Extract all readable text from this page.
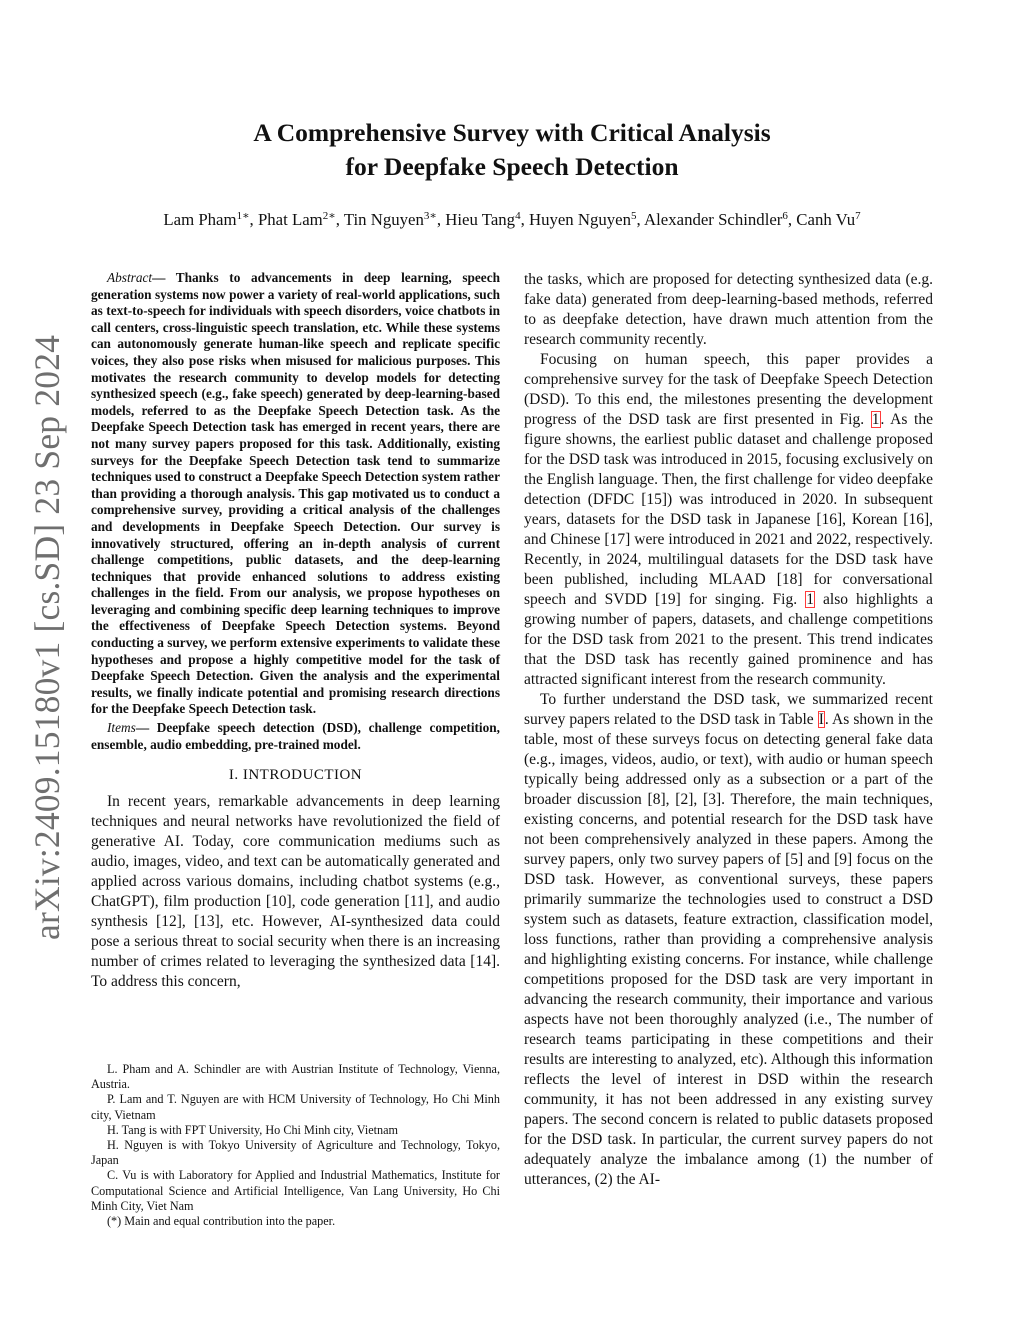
arXiv:2409.15180v1 [cs.SD] 23 Sep 2024
A Comprehensive Survey with Critical Analysis
for Deepfake Speech Detection
Lam Pham$^{1∗}$, Phat Lam$^{2∗}$, Tin Nguyen$^{3∗}$, Hieu Tang$^4$, Huyen Nguyen$^5$, Alexander Schindler$^6$, Canh Vu$^7$

Abstract— Thanks to advancements in deep learning, speech generation systems now power a variety of real-world applications, such as text-to-speech for individuals with speech disorders, voice chatbots in call centers, cross-linguistic speech translation, etc. While these systems can autonomously generate human-like speech and replicate specific voices, they also pose risks when misused for malicious purposes. This motivates the research community to develop models for detecting synthesized speech (e.g., fake speech) generated by deep-learning-based models, referred to as the Deepfake Speech Detection task. As the Deepfake Speech Detection task has emerged in recent years, there are not many survey papers proposed for this task. Additionally, existing surveys for the Deepfake Speech Detection task tend to summarize techniques used to construct a Deepfake Speech Detection system rather than providing a thorough analysis. This gap motivated us to conduct a comprehensive survey, providing a critical analysis of the challenges and developments in Deepfake Speech Detection. Our survey is innovatively structured, offering an in-depth analysis of current challenge competitions, public datasets, and the deep-learning techniques that provide enhanced solutions to address existing challenges in the field. From our analysis, we propose hypotheses on leveraging and combining specific deep learning techniques to improve the effectiveness of Deepfake Speech Detection systems. Beyond conducting a survey, we perform extensive experiments to validate these hypotheses and propose a highly competitive model for the task of Deepfake Speech Detection. Given the analysis and the experimental results, we finally indicate potential and promising research directions for the Deepfake Speech Detection task.

Items— Deepfake speech detection (DSD), challenge competition, ensemble, audio embedding, pre-trained model.

I. INTRODUCTION

In recent years, remarkable advancements in deep learning techniques and neural networks have revolutionized the field of generative AI. Today, core communication mediums such as audio, images, video, and text can be automatically generated and applied across various domains, including chatbot systems (e.g., ChatGPT), film production [10], code generation [11], and audio synthesis [12], [13], etc. However, AI-synthesized data could pose a serious threat to social security when there is an increasing number of crimes related to leveraging the synthesized data [14]. To address this concern,

L. Pham and A. Schindler are with Austrian Institute of Technology, Vienna, Austria.

P. Lam and T. Nguyen are with HCM University of Technology, Ho Chi Minh city, Vietnam

H. Tang is with FPT University, Ho Chi Minh city, Vietnam

H. Nguyen is with Tokyo University of Agriculture and Technology, Tokyo, Japan

C. Vu is with Laboratory for Applied and Industrial Mathematics, Institute for Computational Science and Artificial Intelligence, Van Lang University, Ho Chi Minh City, Viet Nam

(*) Main and equal contribution into the paper.

the tasks, which are proposed for detecting synthesized data (e.g. fake data) generated from deep-learning-based methods, referred to as deepfake detection, have drawn much attention from the research community recently.

Focusing on human speech, this paper provides a comprehensive survey for the task of Deepfake Speech Detection (DSD). To this end, the milestones presenting the development progress of the DSD task are first presented in Fig. 1. As the figure showns, the earliest public dataset and challenge proposed for the DSD task was introduced in 2015, focusing exclusively on the English language. Then, the first challenge for video deepfake detection (DFDC [15]) was introduced in 2020. In subsequent years, datasets for the DSD task in Japanese [16], Korean [16], and Chinese [17] were introduced in 2021 and 2022, respectively. Recently, in 2024, multilingual datasets for the DSD task have been published, including MLAAD [18] for conversational speech and SVDD [19] for singing. Fig. 1 also highlights a growing number of papers, datasets, and challenge competitions for the DSD task from 2021 to the present. This trend indicates that the DSD task has recently gained prominence and has attracted significant interest from the research community.

To further understand the DSD task, we summarized recent survey papers related to the DSD task in Table I. As shown in the table, most of these surveys focus on detecting general fake data (e.g., images, videos, audio, or text), with audio or human speech typically being addressed only as a subsection or a part of the broader discussion [8], [2], [3]. Therefore, the main techniques, existing concerns, and potential research for the DSD task have not been comprehensively analyzed in these papers. Among the survey papers, only two survey papers of [5] and [9] focus on the DSD task. However, as conventional surveys, these papers primarily summarize the technologies used to construct a DSD system such as datasets, feature extraction, classification model, loss functions, rather than providing a comprehensive analysis and highlighting existing concerns. For instance, while challenge competitions proposed for the DSD task are very important in advancing the research community, their importance and various aspects have not been thoroughly analyzed (i.e., The number of research teams participating in these competitions and their results are interesting to analyzed, etc). Although this information reflects the level of interest in DSD within the research community, it has not been addressed in any existing survey papers. The second concern is related to public datasets proposed for the DSD task. In particular, the current survey papers do not adequately analyze the imbalance among (1) the number of utterances, (2) the AI-
